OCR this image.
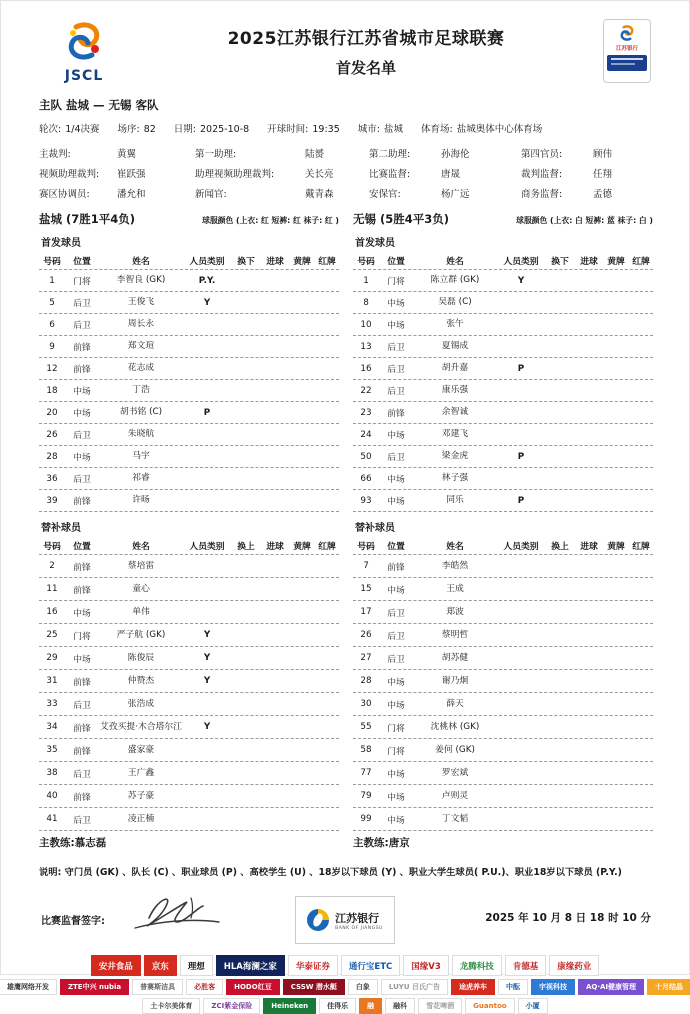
JSCL
2025江苏银行江苏省城市足球联赛
首发名单
江苏银行
主队 盐城 — 无锡 客队
轮次: 1/4决赛 场序: 82 日期: 2025-10-8 开球时间: 19:35 城市: 盐城 体育场: 盐城奥体中心体育场
主裁判:	黄翼	第一助理:	陆赟	第二助理:	孙海伦	第四官员:	顾伟
视频助理裁判:	崔跃强	助理视频助理裁判:	关长亮	比赛监督:	唐晟	裁判监督:	任翔
赛区协调员:	潘允和	新闻官:	戴青森	安保官:	杨广远	商务监督:	孟德
盐城 (7胜1平4负)	球服颜色 (上衣: 红 短裤: 红 袜子: 红 )
首发球员
号码	位置	姓名	人员类别	换下	进球	黄牌 红牌
1	门将	李智良 (GK)	P.Y.
5	后卫	王俊飞	Y
6	后卫	周长永
9	前锋	郑文瑄
12	前锋	花志成
18	中场	丁浩
20	中场	胡书铭 (C)	P
26	后卫	朱晓航
28	中场	马宇
36	后卫	祁睿
39	前锋	许旸
替补球员
号码	位置	姓名	人员类别	换上	进球	黄牌 红牌
2	前锋	蔡培雷
11	前锋	童心
16	中场	单伟
25	门将	严子航 (GK)	Y
29	中场	陈俊辰	Y
31	前锋	仲赞杰	Y
33	后卫	张浩成
34	前锋	艾孜买提·木合塔尔江	Y
35	前锋	盛家豪
38	后卫	王广鑫
40	前锋	苏子豪
41	后卫	凌正楠
主教练:慕志磊
无锡 (5胜4平3负)	球服颜色 (上衣: 白 短裤: 蓝 袜子: 白 )
首发球员
号码	位置	姓名	人员类别	换下	进球	黄牌 红牌
1	门将	陈立群 (GK)	Y
8	中场	吴磊 (C)
10	中场	张午
13	后卫	夏锡成
16	后卫	胡升嘉	P
22	后卫	康乐强
23	前锋	余智诚
24	中场	邓建飞
50	后卫	梁金虎	P
66	中场	林子强
93	中场	同乐	P
替补球员
号码	位置	姓名	人员类别	换上	进球	黄牌 红牌
7	前锋	李皓然
15	中场	王成
17	后卫	郑波
26	后卫	蔡明哲
27	后卫	胡苏健
28	中场	谢乃炯
30	中场	薛天
55	门将	沈桃林 (GK)
58	门将	姜何 (GK)
77	中场	罗宏斌
79	中场	卢则灵
99	中场	丁文韬
主教练:唐京
说明: 守门员 (GK) 、队长 (C) 、职业球员 (P) 、高校学生 (U) 、18岁以下球员 (Y) 、职业大学生球员( P.U.)、职业18岁以下球员 (P.Y.)
比赛监督签字:	江苏银行
BANK OF JIANGSU
2025 年 10 月 8 日 18 时 10 分
安井食品	京东	理想	HLA海澜之家	华泰证券	通行宝ETC	国缘V3	龙腾科技	肯德基	康缘药业
雄鹰网络开发	ZTE中兴 nubia	普赛斯洁具	必胜客	HODO红豆	CSSW 潜水艇	白象	LUYU 吕氏广告	途虎养车	中酝	宇视科技	AQ·AI健康管理	十月结晶
土卡尔美体育	ZCI紫金保险	Heineken	佳得乐	融	融科	雪花啤酒	Guantoo	小厦
